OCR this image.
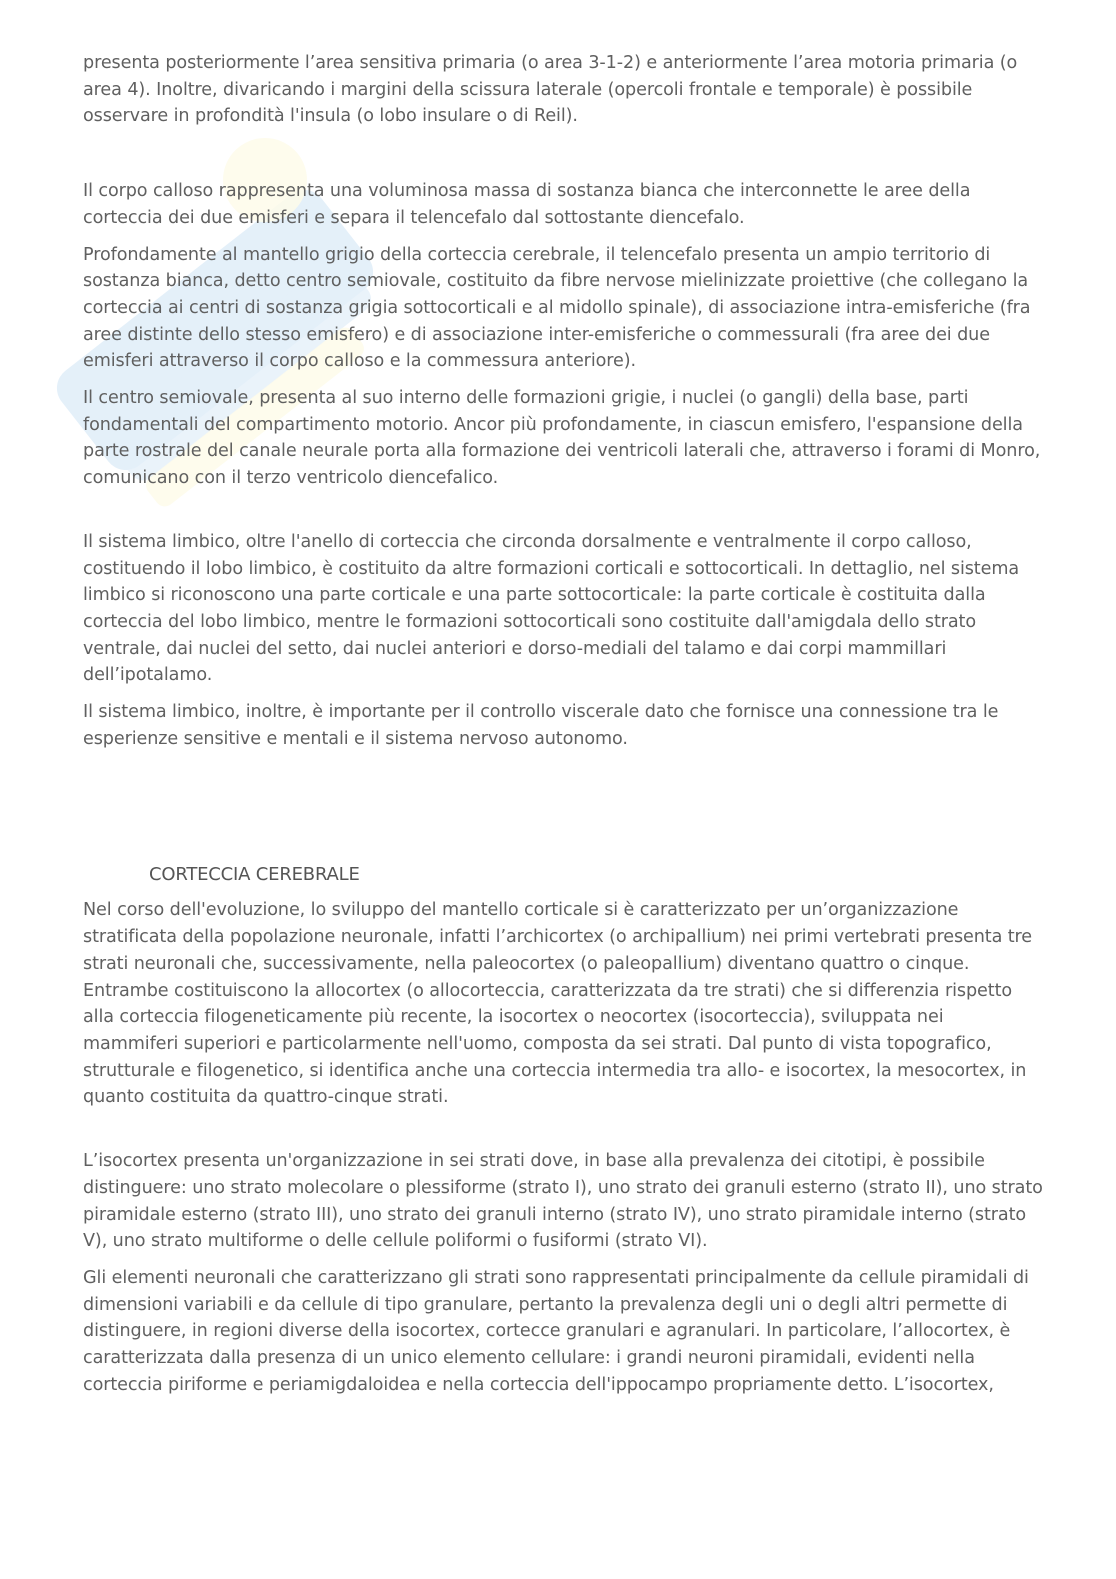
presenta posteriormente l’area sensitiva primaria (o area 3-1-2) e anteriormente l’area motoria primaria (o area 4). Inoltre, divaricando i margini della scissura laterale (opercoli frontale e temporale) è possibile osservare in profondità l'insula (o lobo insulare o di Reil).

Il corpo calloso rappresenta una voluminosa massa di sostanza bianca che interconnette le aree della corteccia dei due emisferi e separa il telencefalo dal sottostante diencefalo.

Profondamente al mantello grigio della corteccia cerebrale, il telencefalo presenta un ampio territorio di sostanza bianca, detto centro semiovale, costituito da fibre nervose mielinizzate proiettive (che collegano la corteccia ai centri di sostanza grigia sottocorticali e al midollo spinale), di associazione intra-emisferiche (fra aree distinte dello stesso emisfero) e di associazione inter-emisferiche o commessurali (fra aree dei due emisferi attraverso il corpo calloso e la commessura anteriore).

Il centro semiovale, presenta al suo interno delle formazioni grigie, i nuclei (o gangli) della base, parti fondamentali del compartimento motorio. Ancor più profondamente, in ciascun emisfero, l'espansione della parte rostrale del canale neurale porta alla formazione dei ventricoli laterali che, attraverso i forami di Monro, comunicano con il terzo ventricolo diencefalico.

Il sistema limbico, oltre l'anello di corteccia che circonda dorsalmente e ventralmente il corpo calloso, costituendo il lobo limbico, è costituito da altre formazioni corticali e sottocorticali. In dettaglio, nel sistema limbico si riconoscono una parte corticale e una parte sottocorticale: la parte corticale è costituita dalla corteccia del lobo limbico, mentre le formazioni sottocorticali sono costituite dall'amigdala dello strato ventrale, dai nuclei del setto, dai nuclei anteriori e dorso-mediali del talamo e dai corpi mammillari dell’ipotalamo.

Il sistema limbico, inoltre, è importante per il controllo viscerale dato che fornisce una connessione tra le esperienze sensitive e mentali e il sistema nervoso autonomo.

CORTECCIA CEREBRALE

Nel corso dell'evoluzione, lo sviluppo del mantello corticale si è caratterizzato per un’organizzazione stratificata della popolazione neuronale, infatti l’archicortex (o archipallium) nei primi vertebrati presenta tre strati neuronali che, successivamente, nella paleocortex (o paleopallium) diventano quattro o cinque. Entrambe costituiscono la allocortex (o allocorteccia, caratterizzata da tre strati) che si differenzia rispetto alla corteccia filogeneticamente più recente, la isocortex o neocortex (isocorteccia), sviluppata nei mammiferi superiori e particolarmente nell'uomo, composta da sei strati. Dal punto di vista topografico, strutturale e filogenetico, si identifica anche una corteccia intermedia tra allo- e isocortex, la mesocortex, in quanto costituita da quattro-cinque strati.

L’isocortex presenta un'organizzazione in sei strati dove, in base alla prevalenza dei citotipi, è possibile distinguere: uno strato molecolare o plessiforme (strato I), uno strato dei granuli esterno (strato II), uno strato piramidale esterno (strato III), uno strato dei granuli interno (strato IV), uno strato piramidale interno (strato V), uno strato multiforme o delle cellule poliformi o fusiformi (strato VI).

Gli elementi neuronali che caratterizzano gli strati sono rappresentati principalmente da cellule piramidali di dimensioni variabili e da cellule di tipo granulare, pertanto la prevalenza degli uni o degli altri permette di distinguere, in regioni diverse della isocortex, cortecce granulari e agranulari. In particolare, l’allocortex, è caratterizzata dalla presenza di un unico elemento cellulare: i grandi neuroni piramidali, evidenti nella corteccia piriforme e periamigdaloidea e nella corteccia dell'ippocampo propriamente detto. L’isocortex,
